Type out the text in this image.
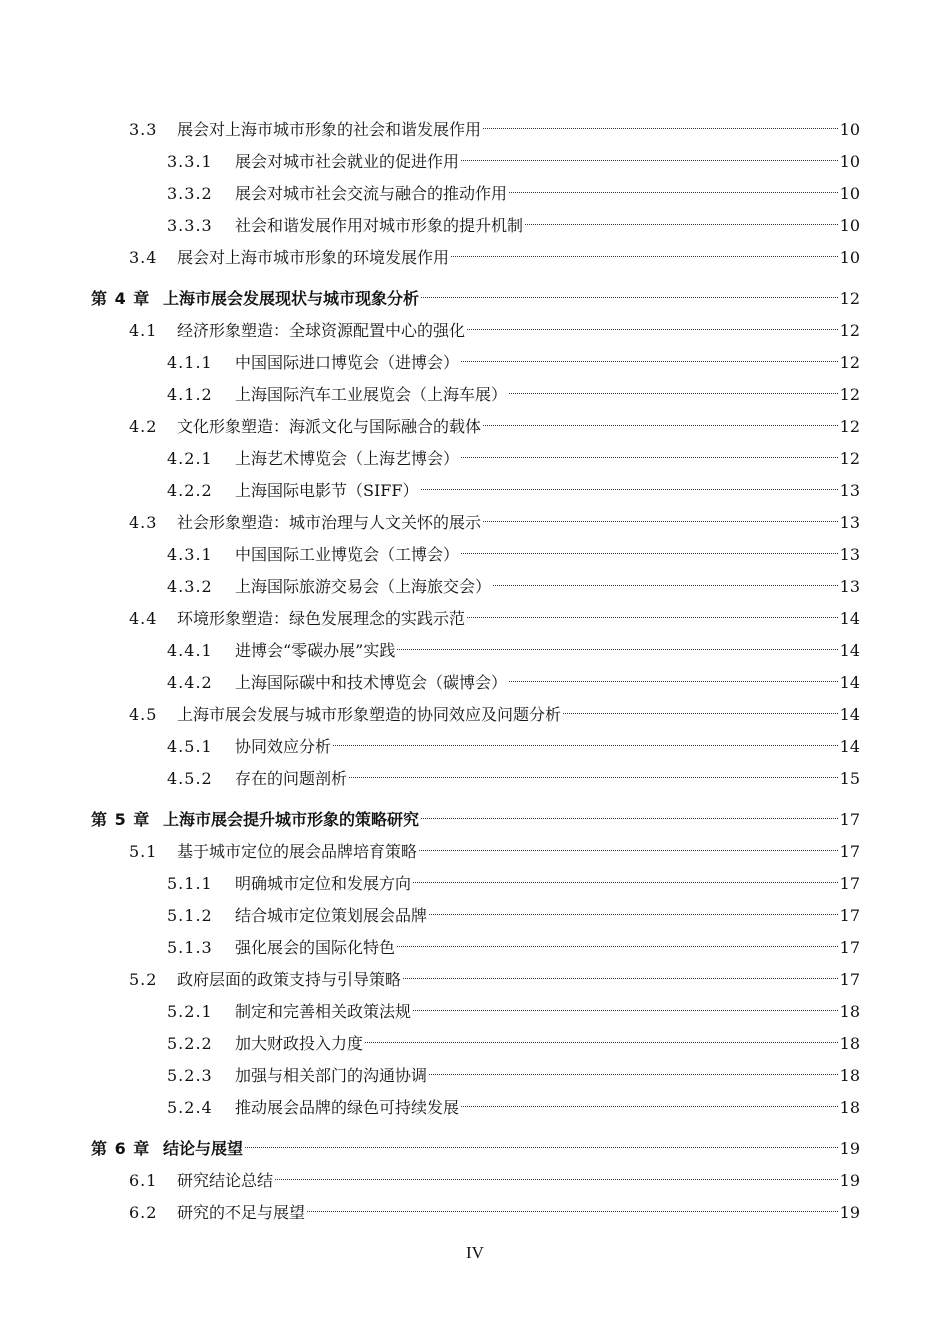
3.3	展会对上海市城市形象的社会和谐发展作用	10
3.3.1	展会对城市社会就业的促进作用	10
3.3.2	展会对城市社会交流与融合的推动作用	10
3.3.3	社会和谐发展作用对城市形象的提升机制	10
3.4	展会对上海市城市形象的环境发展作用	10
第 4 章 上海市展会发展现状与城市现象分析	12
4.1	经济形象塑造：全球资源配置中心的强化	12
4.1.1	中国国际进口博览会（进博会）	12
4.1.2	上海国际汽车工业展览会（上海车展）	12
4.2	文化形象塑造：海派文化与国际融合的载体	12
4.2.1	上海艺术博览会（上海艺博会）	12
4.2.2	上海国际电影节（SIFF）	13
4.3	社会形象塑造：城市治理与人文关怀的展示	13
4.3.1	中国国际工业博览会（工博会）	13
4.3.2	上海国际旅游交易会（上海旅交会）	13
4.4	环境形象塑造：绿色发展理念的实践示范	14
4.4.1	进博会“零碳办展”实践	14
4.4.2	上海国际碳中和技术博览会（碳博会）	14
4.5	上海市展会发展与城市形象塑造的协同效应及问题分析	14
4.5.1	协同效应分析	14
4.5.2	存在的问题剖析	15
第 5 章 上海市展会提升城市形象的策略研究	17
5.1	基于城市定位的展会品牌培育策略	17
5.1.1	明确城市定位和发展方向	17
5.1.2	结合城市定位策划展会品牌	17
5.1.3	强化展会的国际化特色	17
5.2	政府层面的政策支持与引导策略	17
5.2.1	制定和完善相关政策法规	18
5.2.2	加大财政投入力度	18
5.2.3	加强与相关部门的沟通协调	18
5.2.4	推动展会品牌的绿色可持续发展	18
第 6 章 结论与展望	19
6.1	研究结论总结	19
6.2	研究的不足与展望	19
IV
